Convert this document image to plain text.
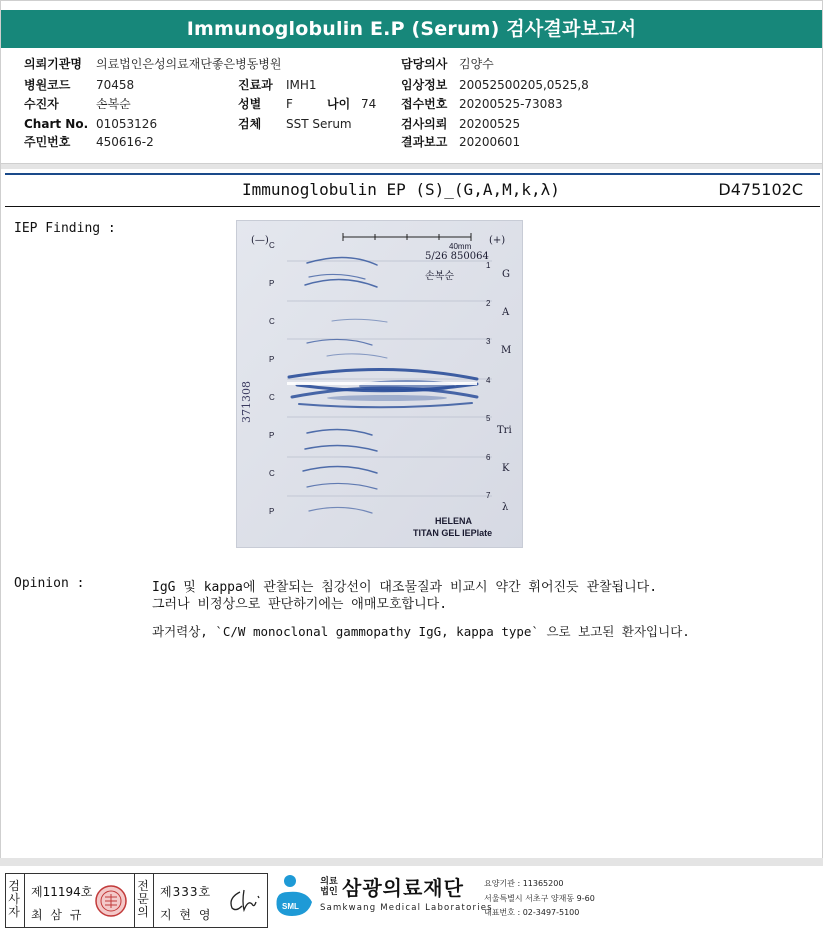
Immunoglobulin E.P (Serum) 검사결과보고서
의뢰기관명 의료법인은성의료재단좋은병동병원
병원코드 70458
수진자	손복순
Chart No. 01053126
주민번호 450616-2
진료과 IMH1
성별 F	나이 74
검체 SST Serum
담당의사 김양수
임상정보 20052500205,0525,8
접수번호 20200525-73083
검사의뢰 20200525
결과보고 20200601
Immunoglobulin EP (S)_(G,A,M,k,λ)	D475102C
IEP Finding :
(—)	(+)
40mm
5/26 850064
손복순
371308
HELENA
TITAN GEL IEPlate
C
P
C
P
C
P
C
P
1
2
3
4
5
6
7
G
A
M
Tri
K
λ
Opinion :	IgG 및 kappa에 관찰되는 침강선이 대조물질과 비교시 약간 휘어진듯 관찰됩니다.
그러나 비정상으로 판단하기에는 애매모호합니다.
과거력상, `C/W monoclonal gammopathy IgG, kappa type` 으로 보고된 환자입니다.
검사자
제11194호
최 삼 규
전문의
제333호
지 현 영
SML
의료법인 삼광의료재단
Samkwang Medical Laboratories
요양기관 : 11365200
서울특별시 서초구 양재동 9-60
대표번호 : 02-3497-5100
